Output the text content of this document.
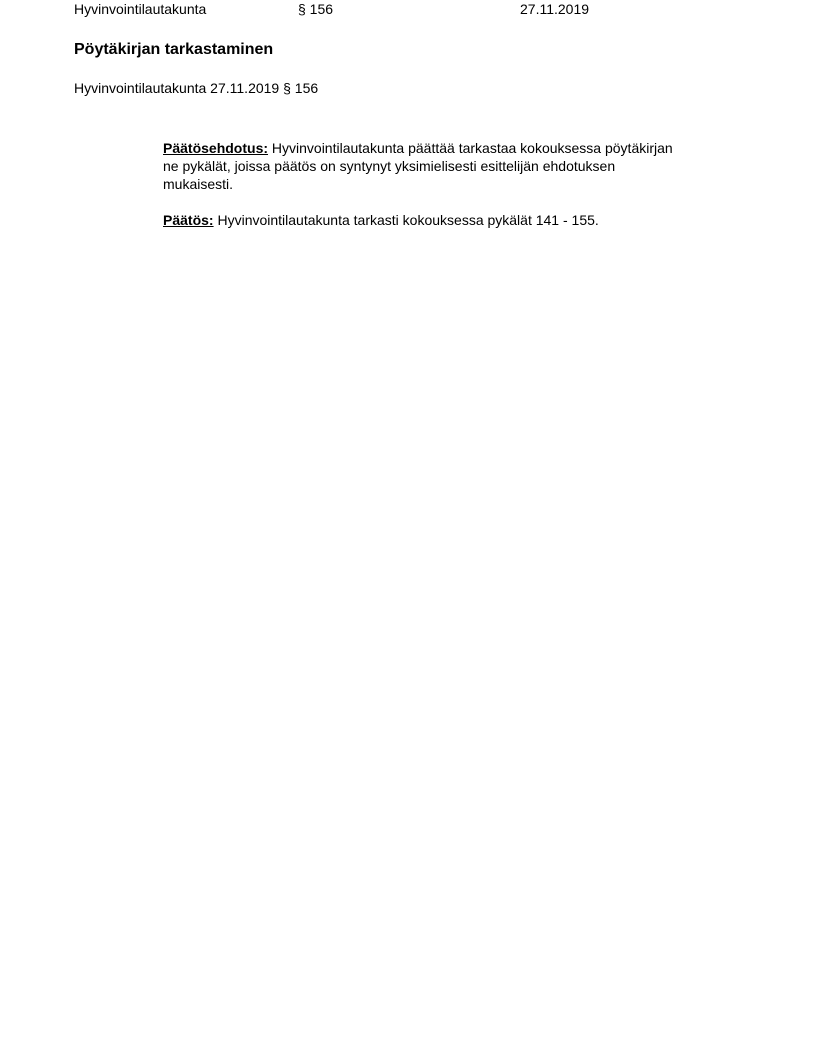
Hyvinvointilautakunta	§ 156	27.11.2019
Pöytäkirjan tarkastaminen
Hyvinvointilautakunta 27.11.2019 § 156

Päätösehdotus: Hyvinvointilautakunta päättää tarkastaa kokouksessa pöytäkirjan ne pykälät, joissa päätös on syntynyt yksimielisesti esittelijän ehdotuksen mukaisesti.

Päätös: Hyvinvointilautakunta tarkasti kokouksessa pykälät 141 - 155.
